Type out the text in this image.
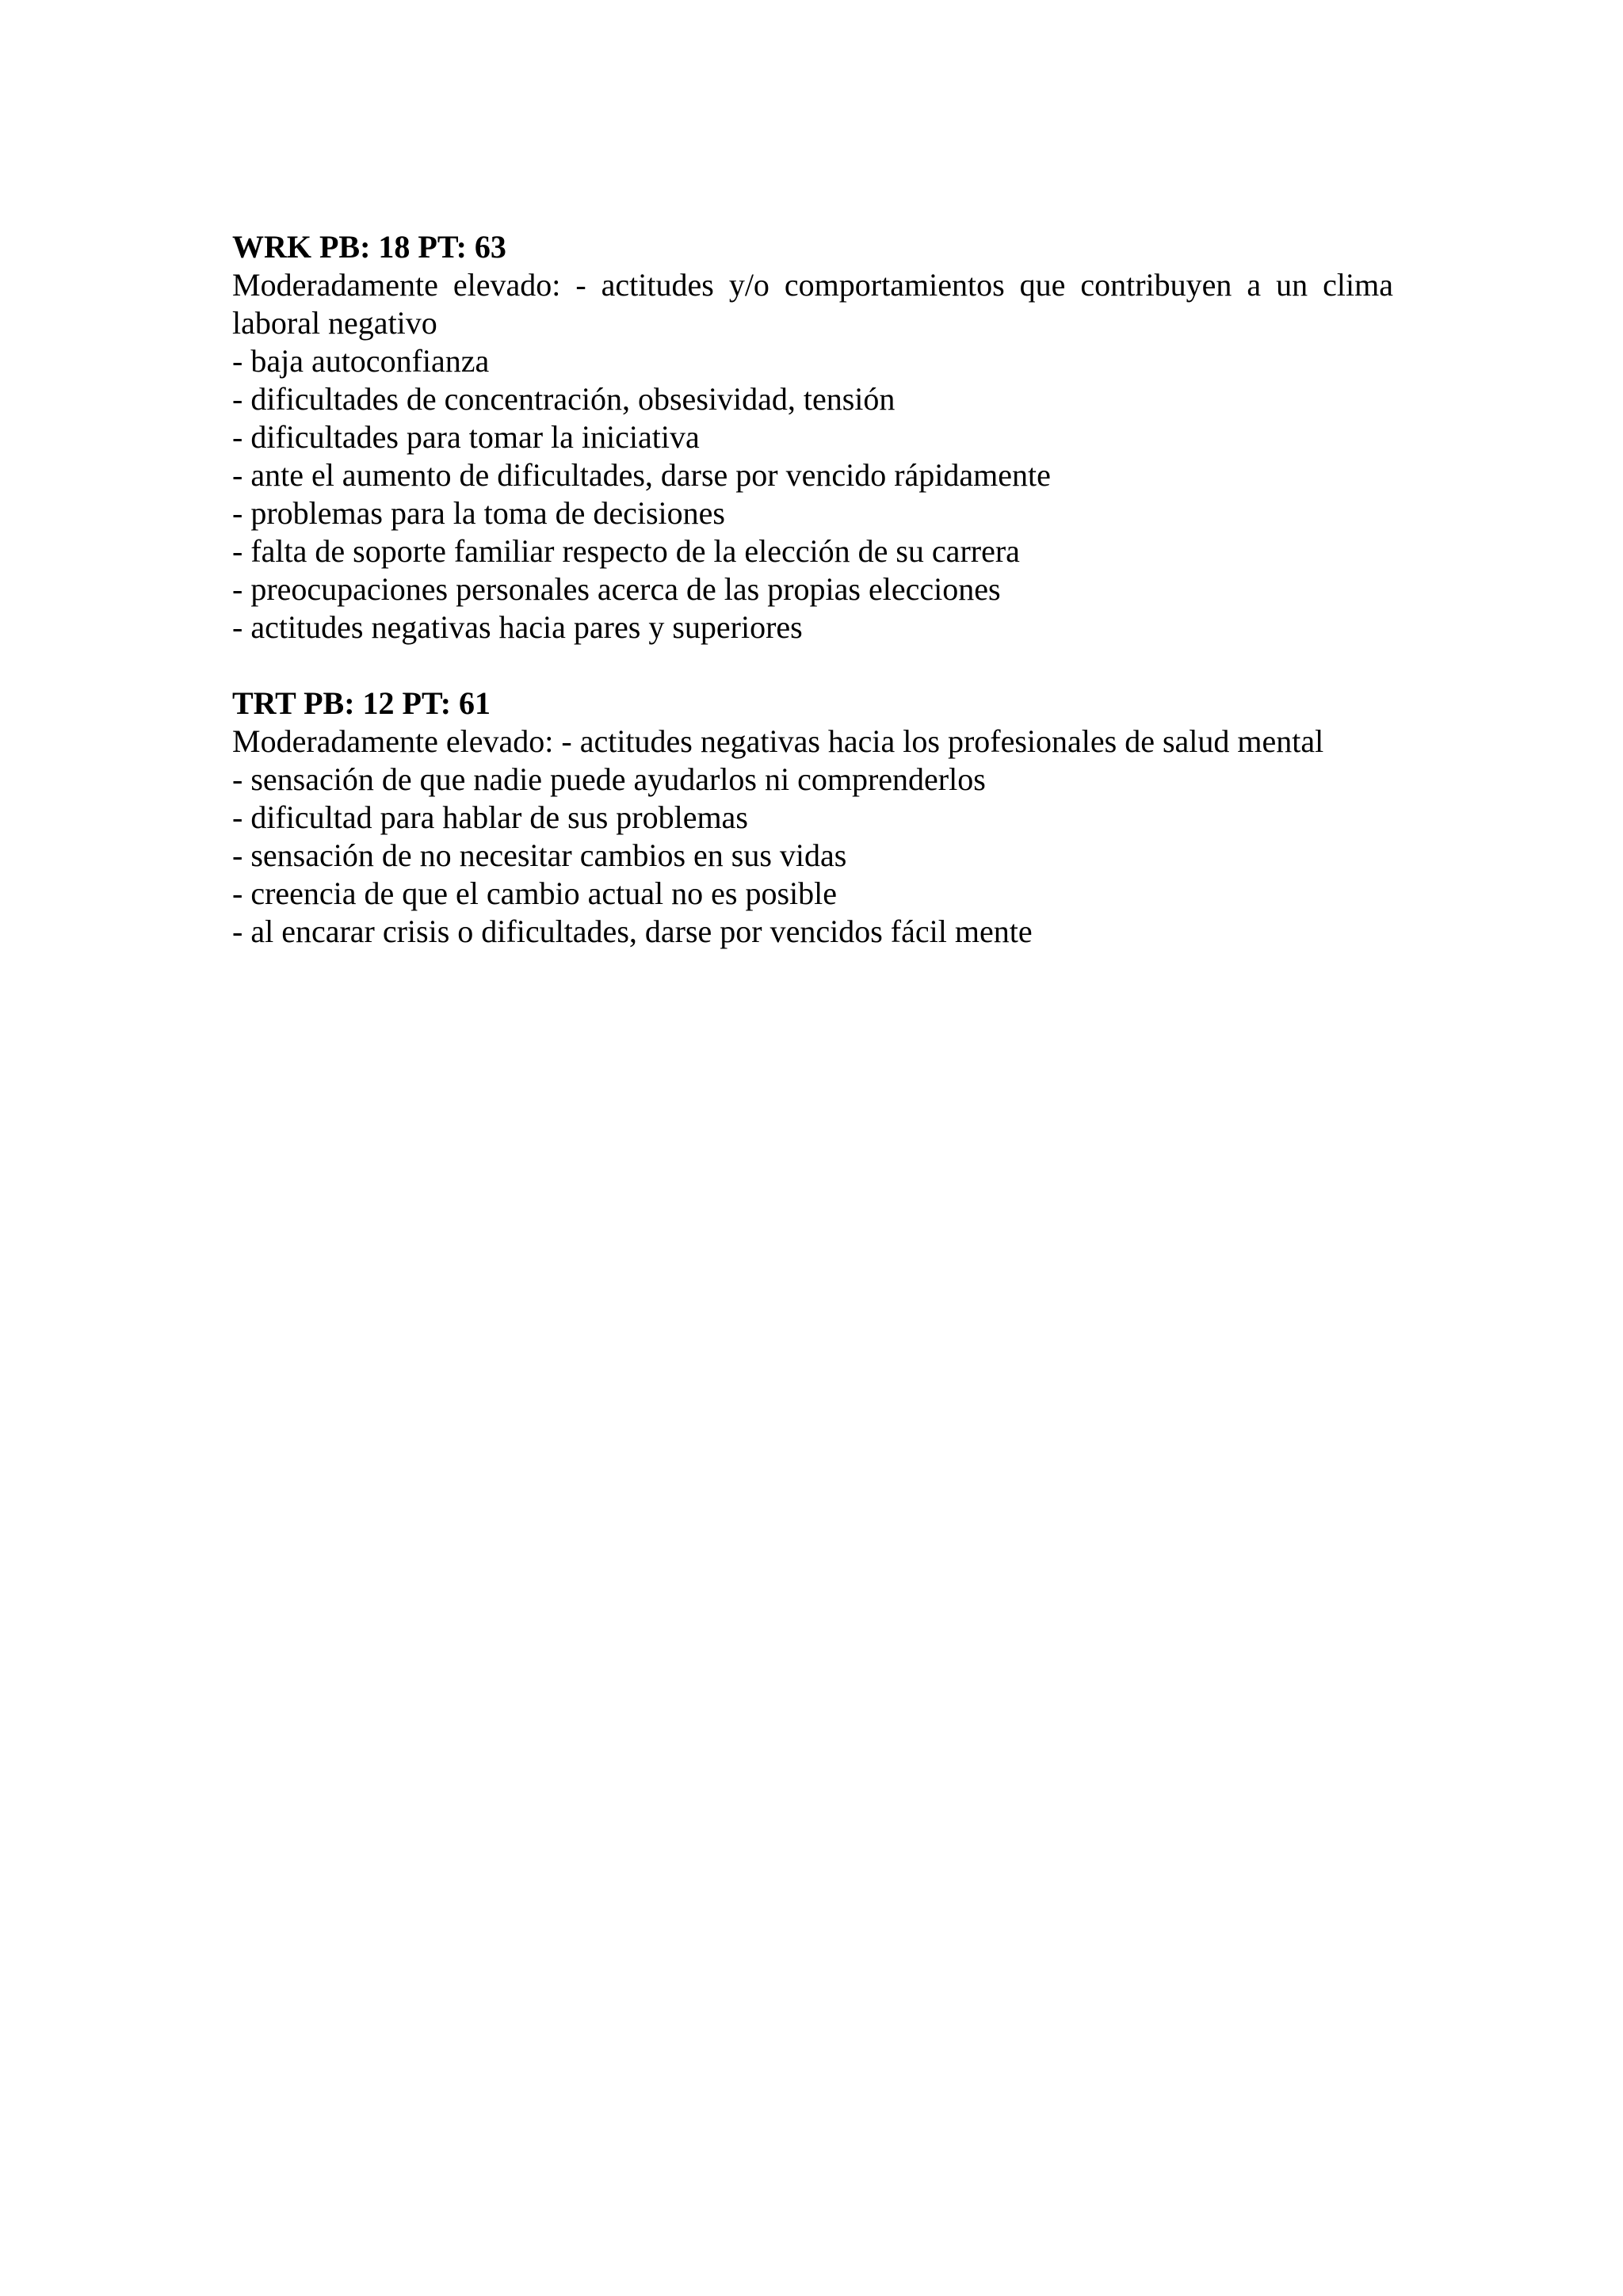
WRK PB: 18 PT: 63

Moderadamente elevado: - actitudes y/o comportamientos que contribuyen a un clima laboral negativo

- baja autoconfianza
- dificultades de concentración, obsesividad, tensión
- dificultades para tomar la iniciativa
- ante el aumento de dificultades, darse por vencido rápidamente
- problemas para la toma de decisiones
- falta de soporte familiar respecto de la elección de su carrera
- preocupaciones personales acerca de las propias elecciones
- actitudes negativas hacia pares y superiores

TRT PB: 12 PT: 61

Moderadamente elevado: - actitudes negativas hacia los profesionales de salud mental

- sensación de que nadie puede ayudarlos ni comprenderlos
- dificultad para hablar de sus problemas
- sensación de no necesitar cambios en sus vidas
- creencia de que el cambio actual no es posible
- al encarar crisis o dificultades, darse por vencidos fácil mente
